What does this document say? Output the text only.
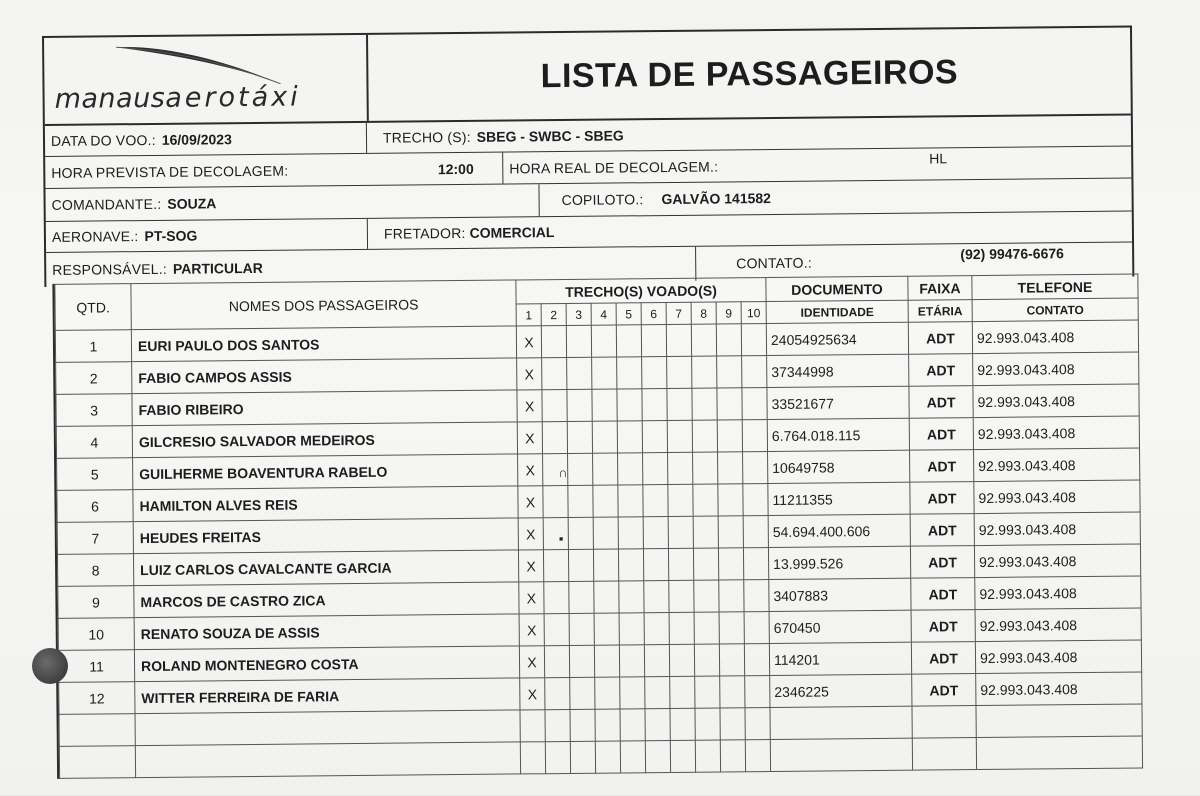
manausaerotáxi
LISTA DE PASSAGEIROS
DATA DO VOO.: 16/09/2023	TRECHO (S): SBEG - SWBC - SBEG
HORA PREVISTA DE DECOLAGEM:	12:00	HORA REAL DE DECOLAGEM.:	HL
COMANDANTE.: SOUZA	COPILOTO.: GALVÃO 141582
AERONAVE.: PT-SOG	FRETADOR: COMERCIAL
RESPONSÁVEL.: PARTICULAR	CONTATO.:
(92) 99476-6676
QTD.	NOMES DOS PASSAGEIROS	TRECHO(S) VOADO(S)										DOCUMENTO	FAIXA	TELEFONE
		1	2	3	4	5	6	7	8	9	10	IDENTIDADE	ETÁRIA	CONTATO
1	EURI PAULO DOS SANTOS	X										24054925634	ADT	92.993.043.408
2	FABIO CAMPOS ASSIS	X										37344998	ADT	92.993.043.408
3	FABIO RIBEIRO	X										33521677	ADT	92.993.043.408
4	GILCRESIO SALVADOR MEDEIROS	X										6.764.018.115	ADT	92.993.043.408
5	GUILHERME BOAVENTURA RABELO	X										10649758	ADT	92.993.043.408
6	HAMILTON ALVES REIS	X										11211355	ADT	92.993.043.408
7	HEUDES FREITAS	X										54.694.400.606	ADT	92.993.043.408
8	LUIZ CARLOS CAVALCANTE GARCIA	X										13.999.526	ADT	92.993.043.408
9	MARCOS DE CASTRO ZICA	X										3407883	ADT	92.993.043.408
10	RENATO SOUZA DE ASSIS	X										670450	ADT	92.993.043.408
11	ROLAND MONTENEGRO COSTA	X										114201	ADT	92.993.043.408
12	WITTER FERREIRA DE FARIA	X										2346225	ADT	92.993.043.408

∩
▪
